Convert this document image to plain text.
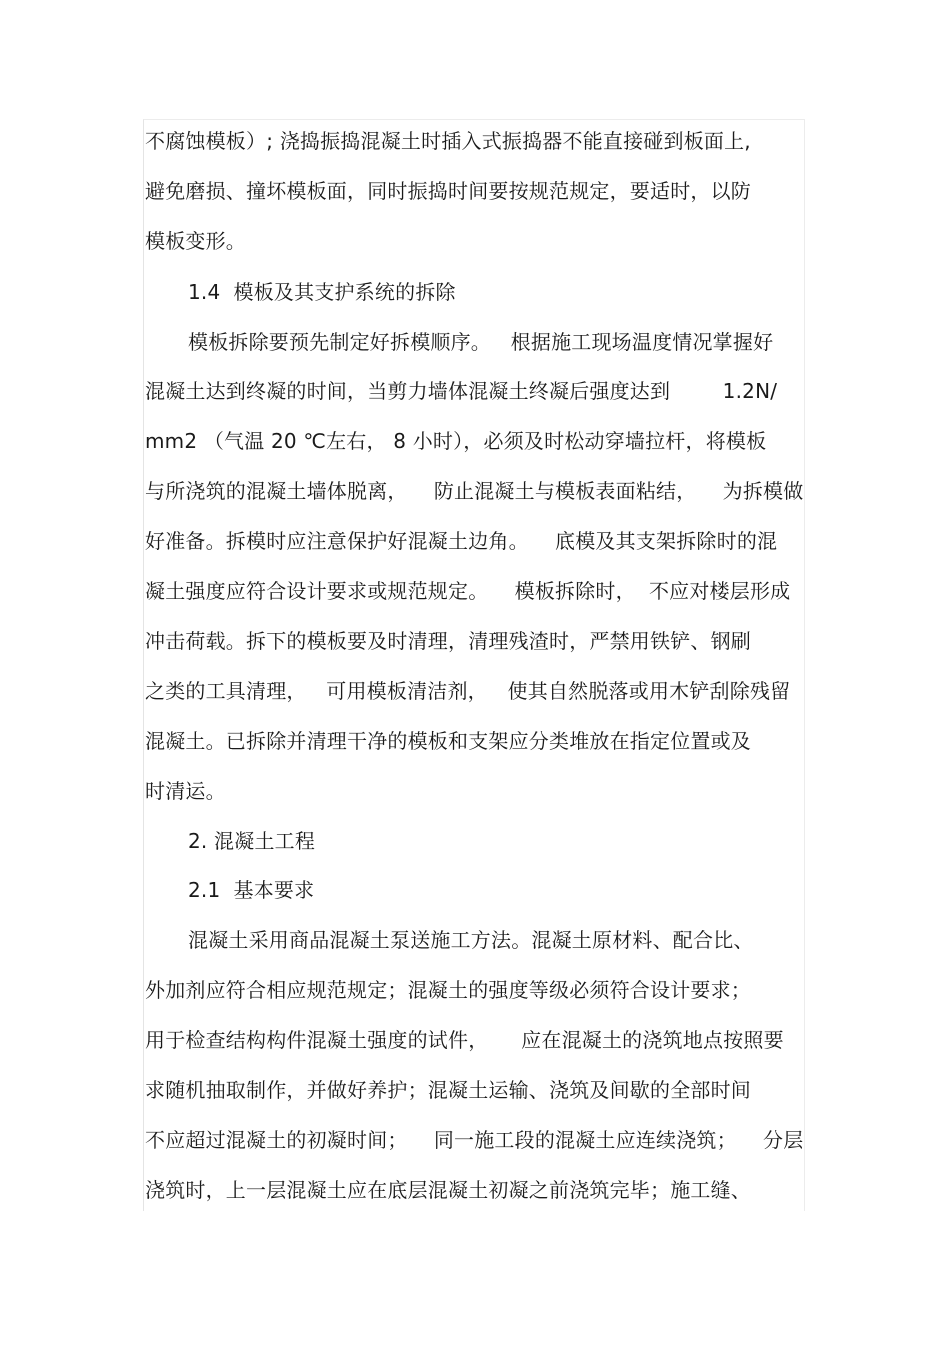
不腐蚀模板）; 浇捣振捣混凝土时插入式振捣器不能直接碰到板面上,
避免磨损、撞坏模板面，同时振捣时间要按规范规定，要适时，以防
模板变形。
1.4  模板及其支护系统的拆除
模板拆除要预先制定好拆模顺序。   根据施工现场温度情况掌握好
混凝土达到终凝的时间，当剪力墙体混凝土终凝后强度达到        1.2N/
mm2 （气温 20 ℃左右， 8 小时），必须及时松动穿墙拉杆，将模板
与所浇筑的混凝土墙体脱离，    防止混凝土与模板表面粘结，    为拆模做
好准备。拆模时应注意保护好混凝土边角。    底模及其支架拆除时的混
凝土强度应符合设计要求或规范规定。    模板拆除时，  不应对楼层形成
冲击荷载。拆下的模板要及时清理，清理残渣时，严禁用铁铲、钢刷
之类的工具清理，   可用模板清洁剂，   使其自然脱落或用木铲刮除残留
混凝土。已拆除并清理干净的模板和支架应分类堆放在指定位置或及
时清运。
2. 混凝土工程
2.1  基本要求
混凝土采用商品混凝土泵送施工方法。混凝土原材料、配合比、
外加剂应符合相应规范规定；混凝土的强度等级必须符合设计要求；
用于检查结构构件混凝土强度的试件，     应在混凝土的浇筑地点按照要
求随机抽取制作，并做好养护；混凝土运输、浇筑及间歇的全部时间
不应超过混凝土的初凝时间；    同一施工段的混凝土应连续浇筑；    分层
浇筑时，上一层混凝土应在底层混凝土初凝之前浇筑完毕；施工缝、
